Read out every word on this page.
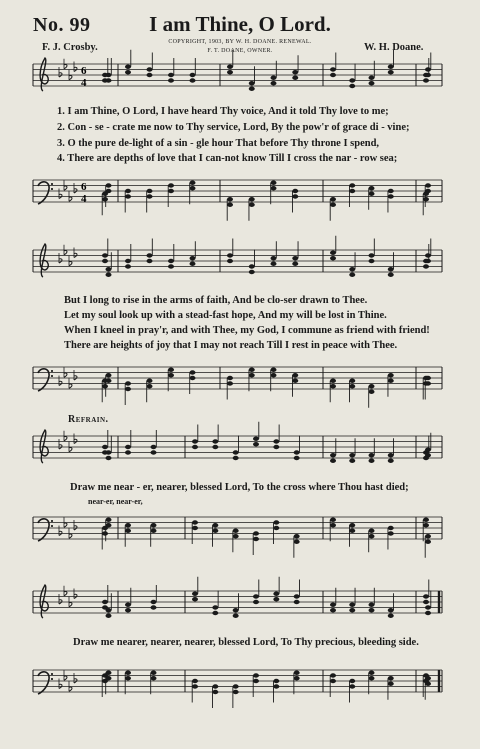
6
4
6
4
No. 99	I am Thine, O Lord.
F. J. Crosby.	COPYRIGHT, 1903, BY W. H. DOANE. RENEWAL.
F. T. DOANE, OWNER.	W. H. Doane.
1. I am Thine, O Lord, I have heard Thy voice, And it told Thy love to me;
2. Con - se - crate me now to Thy service, Lord, By the pow'r of grace di - vine;
3. O the pure de-light of a sin - gle hour That before Thy throne I spend,
4. There are depths of love that I can-not know Till I cross the nar - row sea;
But I long to rise in the arms of faith, And be clo-ser drawn to Thee.
Let my soul look up with a stead-fast hope, And my will be lost in Thine.
When I kneel in pray'r, and with Thee, my God, I commune as friend with friend!
There are heights of joy that I may not reach Till I rest in peace with Thee.
Refrain.
Draw me near - er, nearer, blessed Lord, To the cross where Thou hast died;
near-er, near-er,
Draw me nearer, nearer, nearer, blessed Lord, To Thy precious, bleeding side.
